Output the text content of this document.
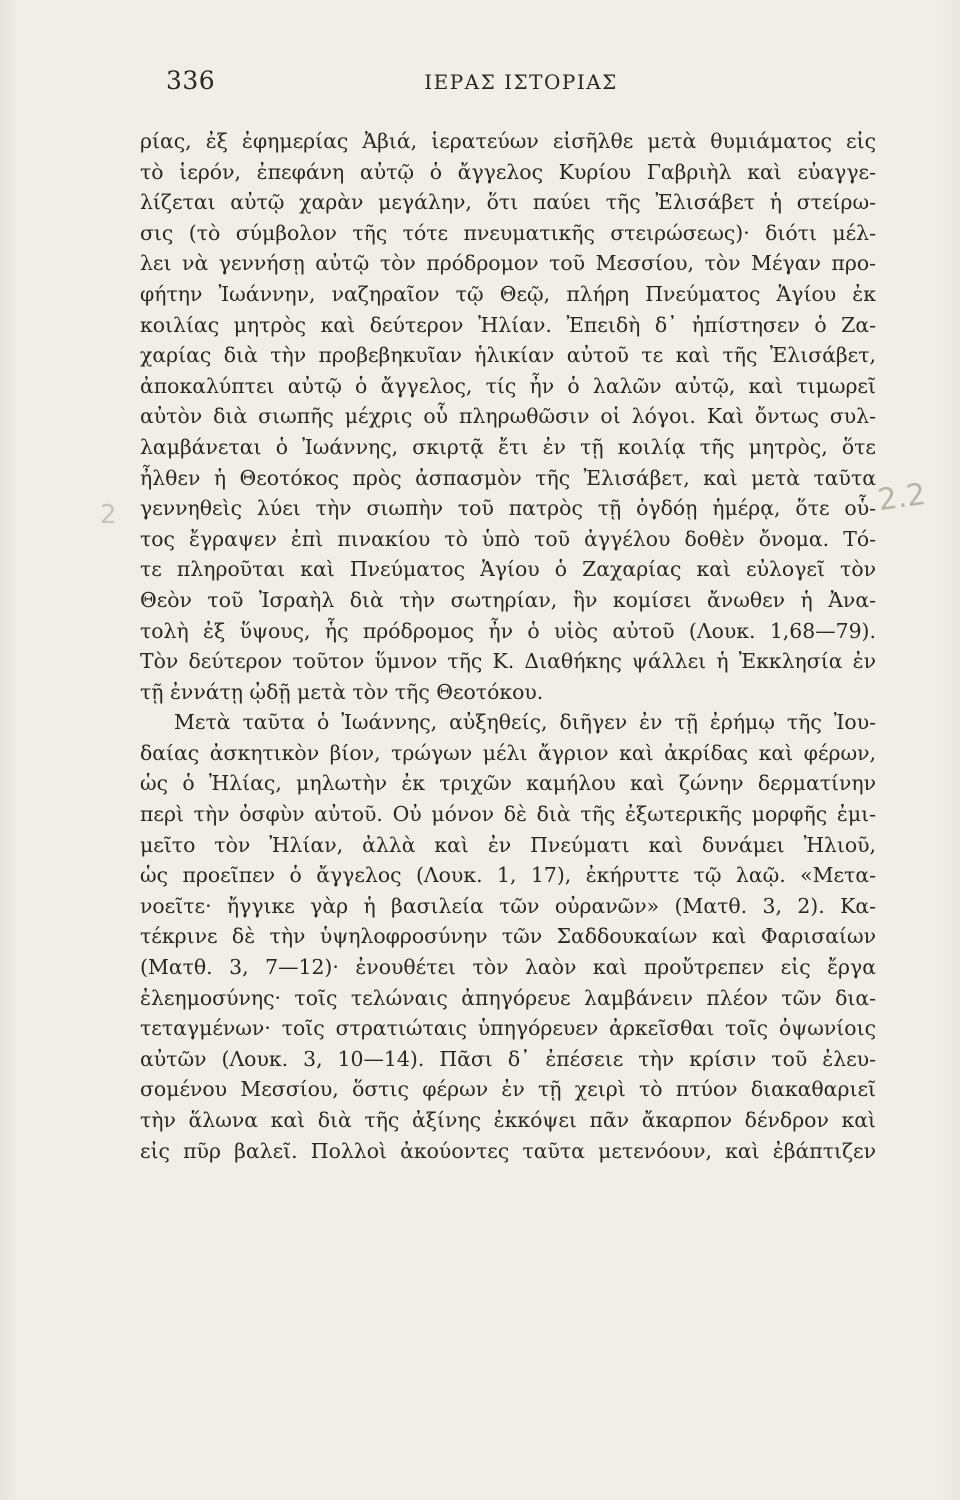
336	ΙΕΡΑΣ ΙΣΤΟΡΙΑΣ
ρίας, ἐξ ἐφημερίας Ἀβιά, ἱερατεύων εἰσῆλθε μετὰ θυμιάματος εἰς
τὸ ἱερόν, ἐπεφάνη αὐτῷ ὁ ἄγγελος Κυρίου Γαβριὴλ καὶ εὐαγγε-
λίζεται αὐτῷ χαρὰν μεγάλην, ὅτι παύει τῆς Ἐλισάβετ ἡ στείρω-
σις (τὸ σύμβολον τῆς τότε πνευματικῆς στειρώσεως)· διότι μέλ-
λει νὰ γεννήσῃ αὐτῷ τὸν πρόδρομον τοῦ Μεσσίου, τὸν Μέγαν προ-
φήτην Ἰωάννην, ναζηραῖον τῷ Θεῷ, πλήρη Πνεύματος Ἁγίου ἐκ
κοιλίας μητρὸς καὶ δεύτερον Ἠλίαν. Ἐπειδὴ δ᾽ ἠπίστησεν ὁ Ζα-
χαρίας διὰ τὴν προβεβηκυῖαν ἡλικίαν αὐτοῦ τε καὶ τῆς Ἐλισάβετ,
ἀποκαλύπτει αὐτῷ ὁ ἄγγελος, τίς ἦν ὁ λαλῶν αὐτῷ, καὶ τιμωρεῖ
αὐτὸν διὰ σιωπῆς μέχρις οὗ πληρωθῶσιν οἱ λόγοι. Καὶ ὄντως συλ-
λαμβάνεται ὁ Ἰωάννης, σκιρτᾷ ἔτι ἐν τῇ κοιλίᾳ τῆς μητρὸς, ὅτε
ἦλθεν ἡ Θεοτόκος πρὸς ἀσπασμὸν τῆς Ἐλισάβετ, καὶ μετὰ ταῦτα
γεννηθεὶς λύει τὴν σιωπὴν τοῦ πατρὸς τῇ ὀγδόῃ ἡμέρᾳ, ὅτε οὗ-
τος ἔγραψεν ἐπὶ πινακίου τὸ ὑπὸ τοῦ ἀγγέλου δοθὲν ὄνομα. Τό-
τε πληροῦται καὶ Πνεύματος Ἁγίου ὁ Ζαχαρίας καὶ εὐλογεῖ τὸν
Θεὸν τοῦ Ἰσραὴλ διὰ τὴν σωτηρίαν, ἣν κομίσει ἄνωθεν ἡ Ἀνα-
τολὴ ἐξ ὕψους, ἧς πρόδρομος ἦν ὁ υἱὸς αὐτοῦ (Λουκ. 1,68—79).
Τὸν δεύτερον τοῦτον ὕμνον τῆς Κ. Διαθήκης ψάλλει ἡ Ἐκκλησία ἐν
τῇ ἐννάτῃ ᾠδῇ μετὰ τὸν τῆς Θεοτόκου.
Μετὰ ταῦτα ὁ Ἰωάννης, αὐξηθείς, διῆγεν ἐν τῇ ἐρήμῳ τῆς Ἰου-
δαίας ἀσκητικὸν βίον, τρώγων μέλι ἄγριον καὶ ἀκρίδας καὶ φέρων,
ὡς ὁ Ἠλίας, μηλωτὴν ἐκ τριχῶν καμήλου καὶ ζώνην δερματίνην
περὶ τὴν ὀσφὺν αὐτοῦ. Οὐ μόνον δὲ διὰ τῆς ἐξωτερικῆς μορφῆς ἐμι-
μεῖτο τὸν Ἠλίαν, ἀλλὰ καὶ ἐν Πνεύματι καὶ δυνάμει Ἠλιοῦ,
ὡς προεῖπεν ὁ ἄγγελος (Λουκ. 1, 17), ἐκήρυττε τῷ λαῷ. «Μετα-
νοεῖτε· ἤγγικε γὰρ ἡ βασιλεία τῶν οὐρανῶν» (Ματθ. 3, 2). Κα-
τέκρινε δὲ τὴν ὑψηλοφροσύνην τῶν Σαδδουκαίων καὶ Φαρισαίων
(Ματθ. 3, 7—12)· ἐνουθέτει τὸν λαὸν καὶ προὔτρεπεν εἰς ἔργα
ἐλεημοσύνης· τοῖς τελώναις ἀπηγόρευε λαμβάνειν πλέον τῶν δια-
τεταγμένων· τοῖς στρατιώταις ὑπηγόρευεν ἀρκεῖσθαι τοῖς ὀψωνίοις
αὐτῶν (Λουκ. 3, 10—14). Πᾶσι δ᾽ ἐπέσειε τὴν κρίσιν τοῦ ἐλευ-
σομένου Μεσσίου, ὅστις φέρων ἐν τῇ χειρὶ τὸ πτύον διακαθαριεῖ
τὴν ἅλωνα καὶ διὰ τῆς ἀξίνης ἐκκόψει πᾶν ἄκαρπον δένδρον καὶ
εἰς πῦρ βαλεῖ. Πολλοὶ ἀκούοντες ταῦτα μετενόουν, καὶ ἐβάπτιζεν
2.2
2
